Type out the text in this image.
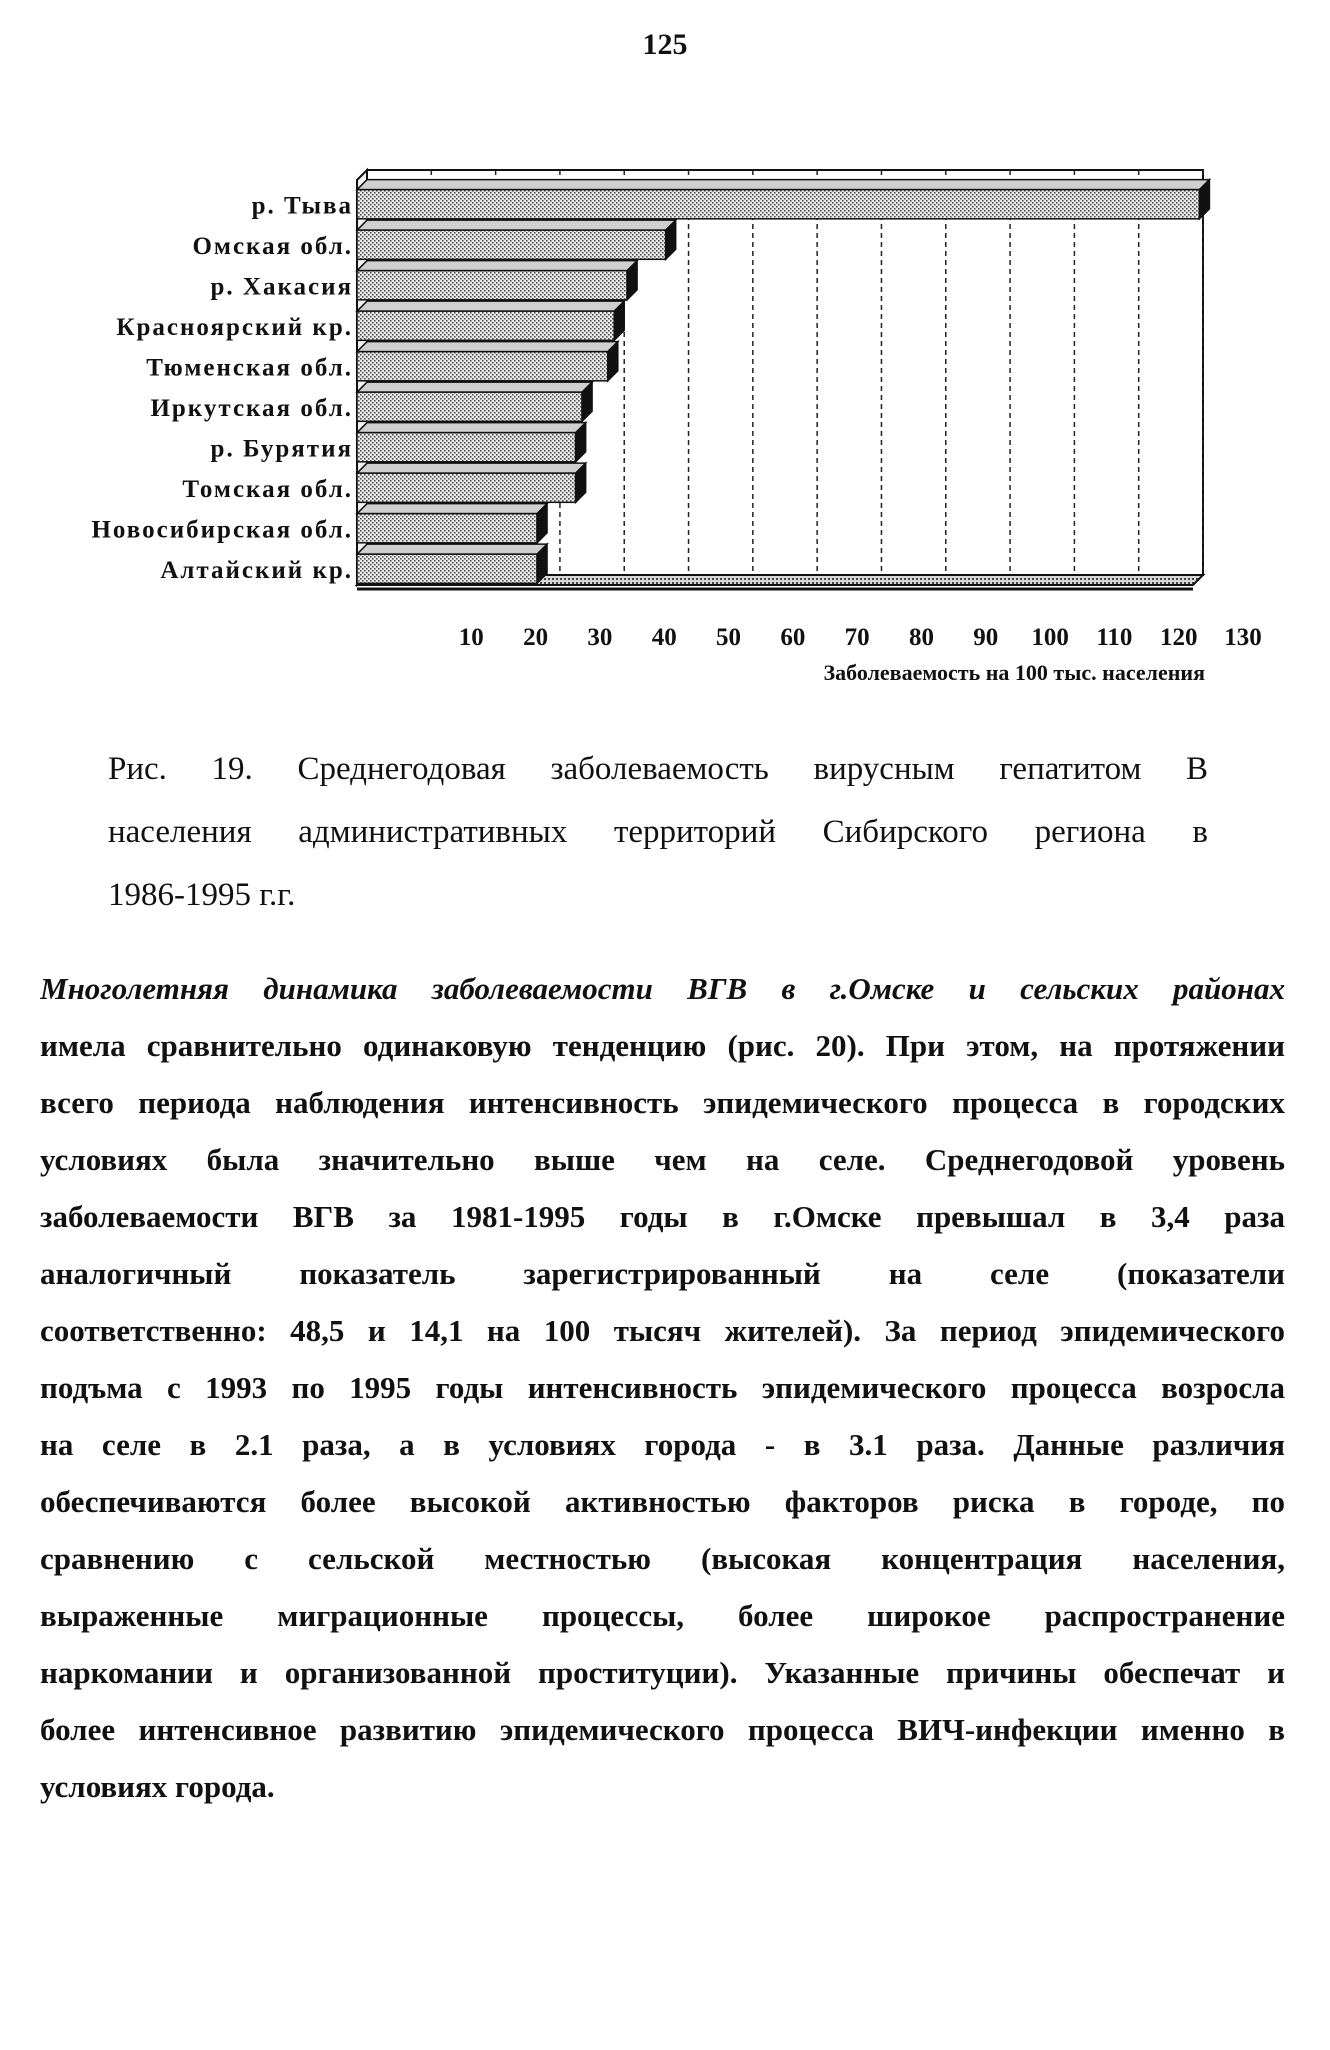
125
р. Тыва
Омская обл.
р. Хакасия
Красноярский кр.
Тюменская обл.
Иркутская обл.
р. Бурятия
Томская обл.
Новосибирская обл.
Алтайский кр.
10 20 30 40 50 60 70 80 90 100 110 120 130
Заболеваемость на 100 тыс. населения
Рис. 19. Среднегодовая заболеваемость вирусным гепатитом В
населения административных территорий Сибирского региона в
1986-1995 г.г.
Многолетняя динамика заболеваемости ВГВ в г.Омске и сельских районах
имела сравнительно одинаковую тенденцию (рис. 20). При этом, на протяжении
всего периода наблюдения интенсивность эпидемического процесса в городских
условиях была значительно выше чем на селе. Среднегодовой уровень
заболеваемости ВГВ за 1981-1995 годы в г.Омске превышал в 3,4 раза
аналогичный показатель зарегистрированный на селе (показатели
соответственно: 48,5 и 14,1 на 100 тысяч жителей). За период эпидемического
подъма с 1993 по 1995 годы интенсивность эпидемического процесса возросла
на селе в 2.1 раза, а в условиях города - в 3.1 раза. Данные различия
обеспечиваются более высокой активностью факторов риска в городе, по
сравнению с сельской местностью (высокая концентрация населения,
выраженные миграционные процессы, более широкое распространение
наркомании и организованной проституции). Указанные причины обеспечат и
более интенсивное развитию эпидемического процесса ВИЧ-инфекции именно в
условиях города.
